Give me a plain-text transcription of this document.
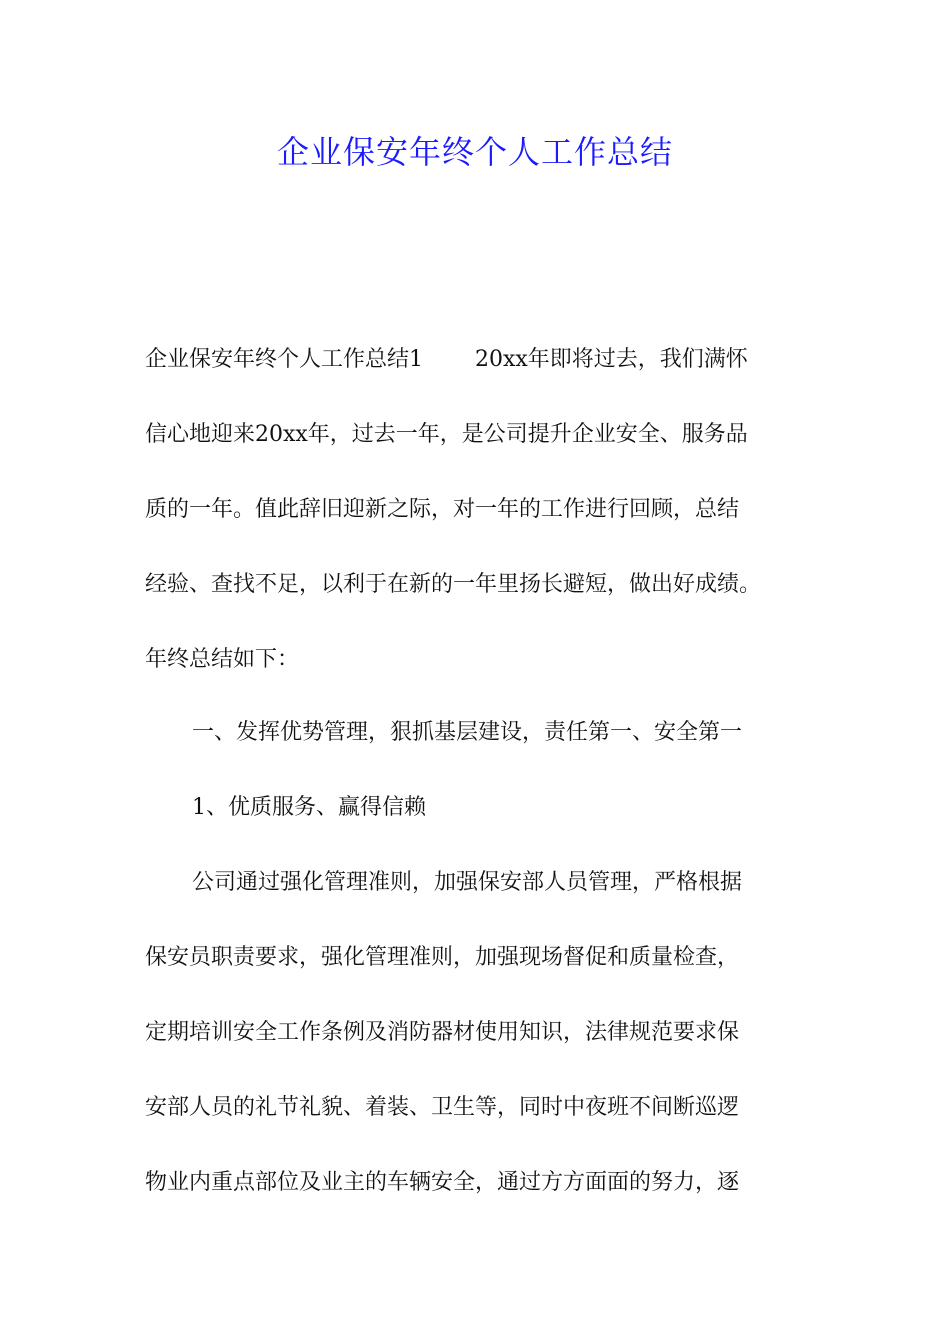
企业保安年终个人工作总结
企业保安年终个人工作总结1 20xx年即将过去，我们满怀
信心地迎来20xx年，过去一年，是公司提升企业安全、服务品
质的一年。值此辞旧迎新之际，对一年的工作进行回顾，总结
经验、查找不足，以利于在新的一年里扬长避短，做出好成绩。
年终总结如下：
一、发挥优势管理，狠抓基层建设，责任第一、安全第一
1、优质服务、赢得信赖
公司通过强化管理准则，加强保安部人员管理，严格根据
保安员职责要求，强化管理准则，加强现场督促和质量检查，
定期培训安全工作条例及消防器材使用知识，法律规范要求保
安部人员的礼节礼貌、着装、卫生等，同时中夜班不间断巡逻
物业内重点部位及业主的车辆安全，通过方方面面的努力，逐
